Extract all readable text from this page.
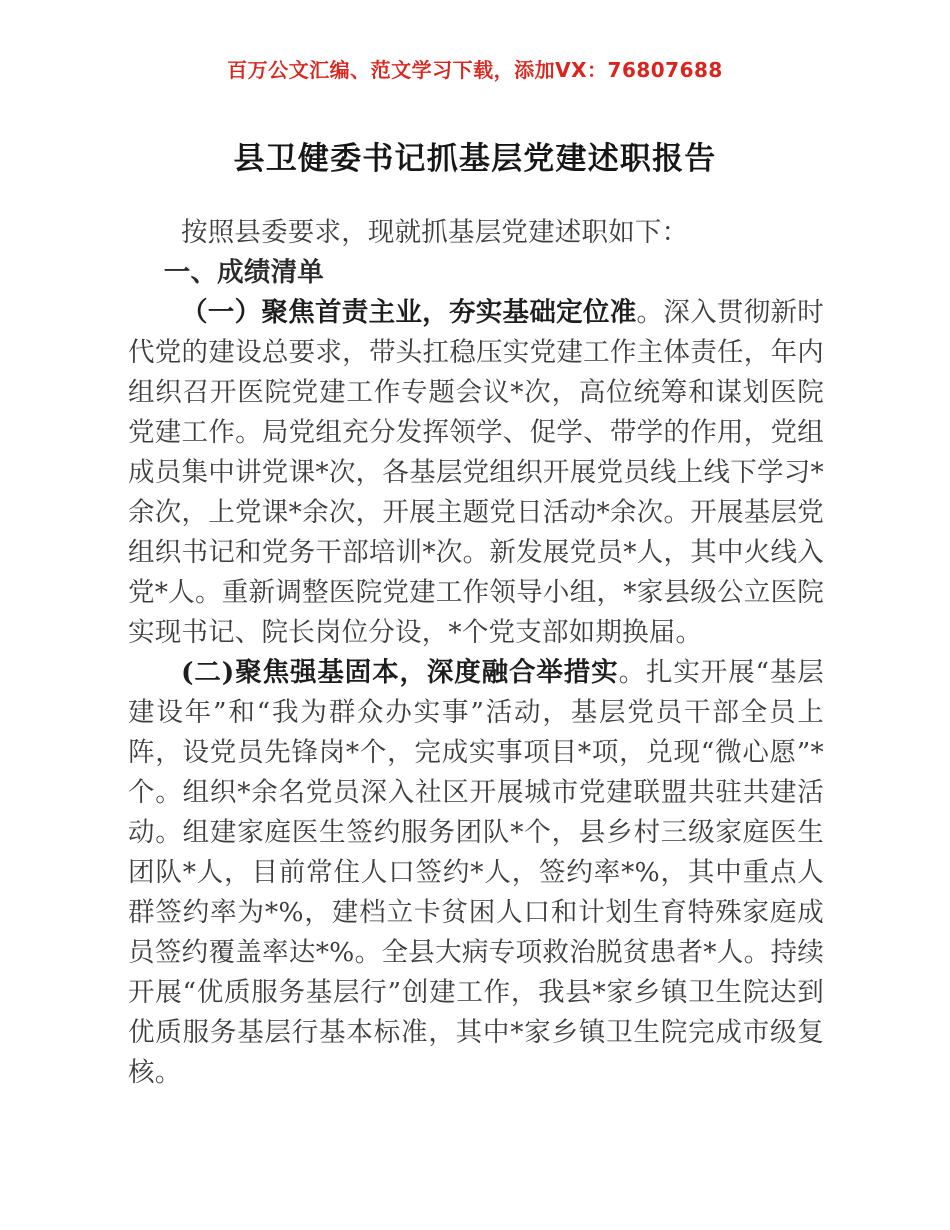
百万公文汇编、范文学习下载，添加VX：76807688
县卫健委书记抓基层党建述职报告

按照县委要求，现就抓基层党建述职如下：

一、成绩清单

（一）聚焦首责主业，夯实基础定位准。深入贯彻新时代党的建设总要求，带头扛稳压实党建工作主体责任，年内组织召开医院党建工作专题会议*次，高位统筹和谋划医院党建工作。局党组充分发挥领学、促学、带学的作用，党组成员集中讲党课*次，各基层党组织开展党员线上线下学习*余次，上党课*余次，开展主题党日活动*余次。开展基层党组织书记和党务干部培训*次。新发展党员*人，其中火线入党*人。重新调整医院党建工作领导小组，*家县级公立医院实现书记、院长岗位分设，*个党支部如期换届。

(二)聚焦强基固本，深度融合举措实。扎实开展“基层建设年”和“我为群众办实事”活动，基层党员干部全员上阵，设党员先锋岗*个，完成实事项目*项，兑现“微心愿”*个。组织*余名党员深入社区开展城市党建联盟共驻共建活动。组建家庭医生签约服务团队*个，县乡村三级家庭医生团队*人，目前常住人口签约*人，签约率*%，其中重点人群签约率为*%，建档立卡贫困人口和计划生育特殊家庭成员签约覆盖率达*%。全县大病专项救治脱贫患者*人。持续开展“优质服务基层行”创建工作，我县*家乡镇卫生院达到优质服务基层行基本标准，其中*家乡镇卫生院完成市级复核。
